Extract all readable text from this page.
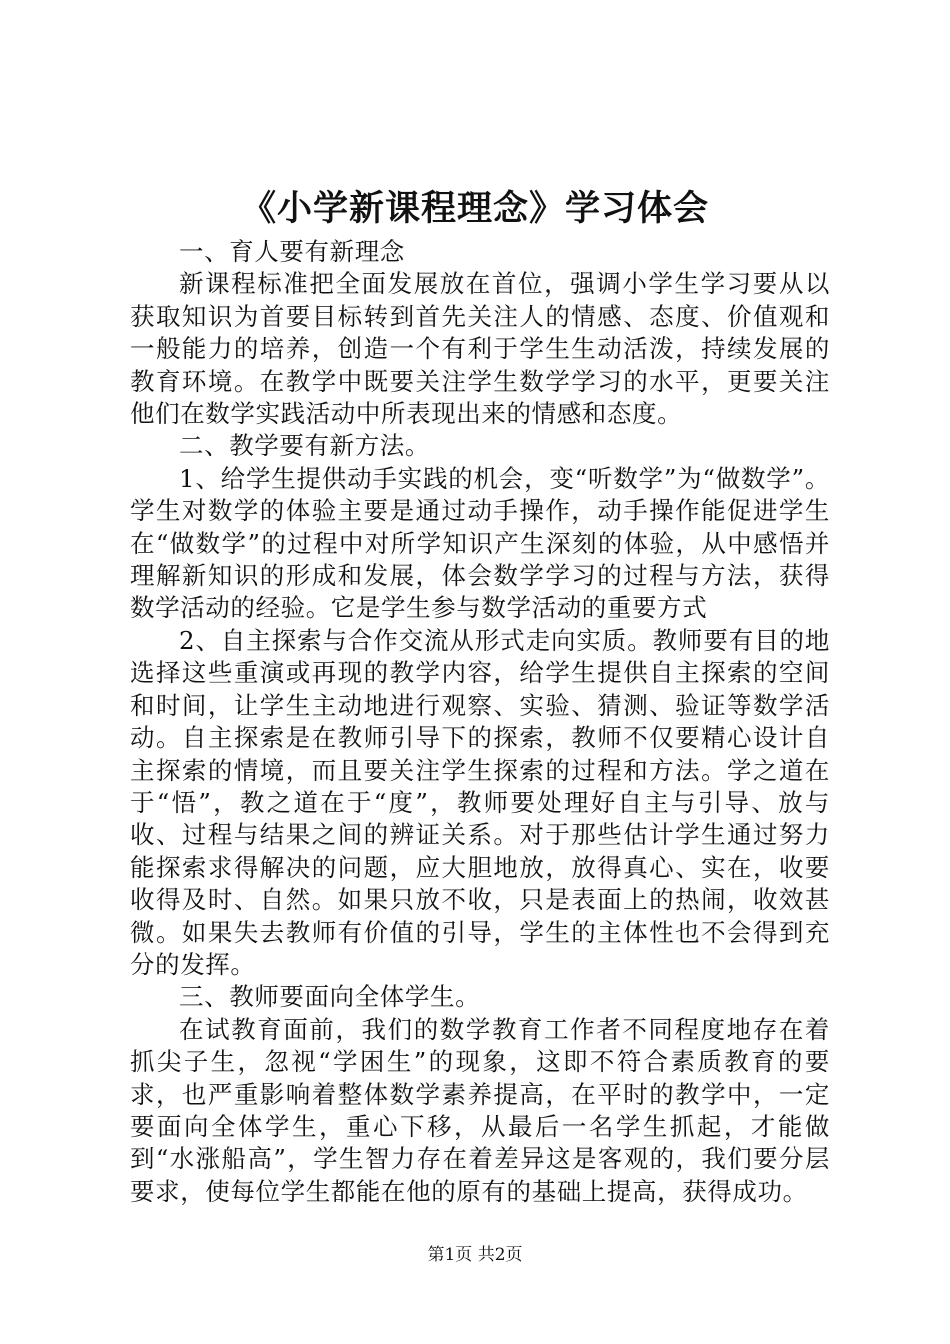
《小学新课程理念》学习体会

一、育人要有新理念

新课程标准把全面发展放在首位，强调小学生学习要从以获取知识为首要目标转到首先关注人的情感、态度、价值观和一般能力的培养，创造一个有利于学生生动活泼，持续发展的教育环境。在教学中既要关注学生数学学习的水平，更要关注他们在数学实践活动中所表现出来的情感和态度。

二、教学要有新方法。

1、给学生提供动手实践的机会，变“听数学”为“做数学”。学生对数学的体验主要是通过动手操作，动手操作能促进学生在“做数学”的过程中对所学知识产生深刻的体验，从中感悟并理解新知识的形成和发展，体会数学学习的过程与方法，获得数学活动的经验。它是学生参与数学活动的重要方式

2、自主探索与合作交流从形式走向实质。教师要有目的地选择这些重演或再现的教学内容，给学生提供自主探索的空间和时间，让学生主动地进行观察、实验、猜测、验证等数学活动。自主探索是在教师引导下的探索，教师不仅要精心设计自主探索的情境，而且要关注学生探索的过程和方法。学之道在于“悟”，教之道在于“度”，教师要处理好自主与引导、放与收、过程与结果之间的辨证关系。对于那些估计学生通过努力能探索求得解决的问题，应大胆地放，放得真心、实在，收要收得及时、自然。如果只放不收，只是表面上的热闹，收效甚微。如果失去教师有价值的引导，学生的主体性也不会得到充分的发挥。

三、教师要面向全体学生。

在试教育面前，我们的数学教育工作者不同程度地存在着抓尖子生，忽视“学困生”的现象，这即不符合素质教育的要求，也严重影响着整体数学素养提高，在平时的教学中，一定要面向全体学生，重心下移，从最后一名学生抓起，才能做到“水涨船高”，学生智力存在着差异这是客观的，我们要分层要求，使每位学生都能在他的原有的基础上提高，获得成功。

第1页 共2页
